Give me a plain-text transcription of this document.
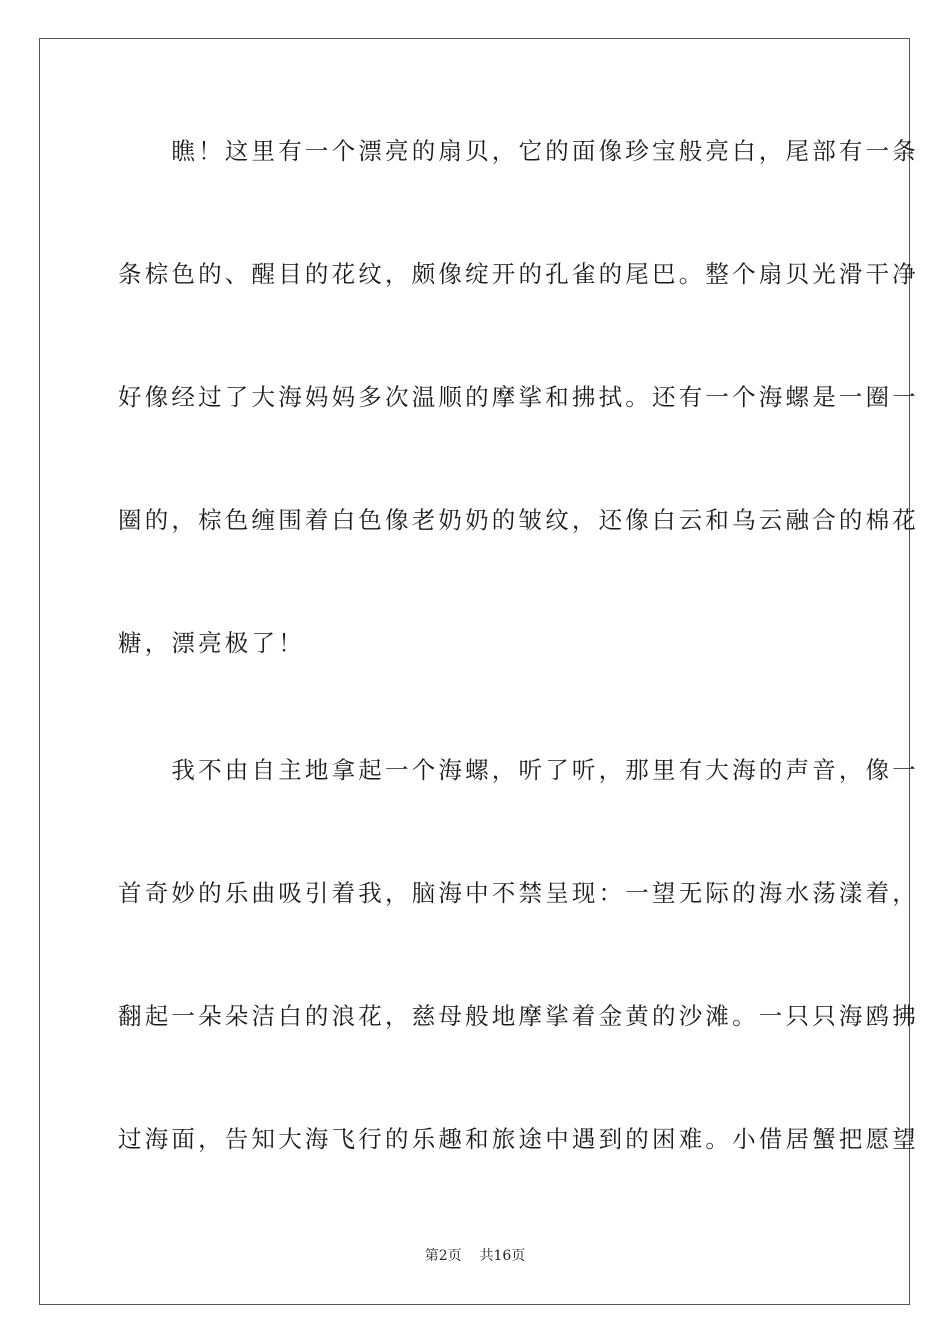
　　瞧！这里有一个漂亮的扇贝，它的面像珍宝般亮白，尾部有一条
条棕色的、醒目的花纹，颇像绽开的孔雀的尾巴。整个扇贝光滑干净
好像经过了大海妈妈多次温顺的摩挲和拂拭。还有一个海螺是一圈一
圈的，棕色缠围着白色像老奶奶的皱纹，还像白云和乌云融合的棉花
糖，漂亮极了！
　　我不由自主地拿起一个海螺，听了听，那里有大海的声音，像一
首奇妙的乐曲吸引着我，脑海中不禁呈现：一望无际的海水荡漾着，
翻起一朵朵洁白的浪花，慈母般地摩挲着金黄的沙滩。一只只海鸥拂
过海面，告知大海飞行的乐趣和旅途中遇到的困难。小借居蟹把愿望
第2页 共16页
